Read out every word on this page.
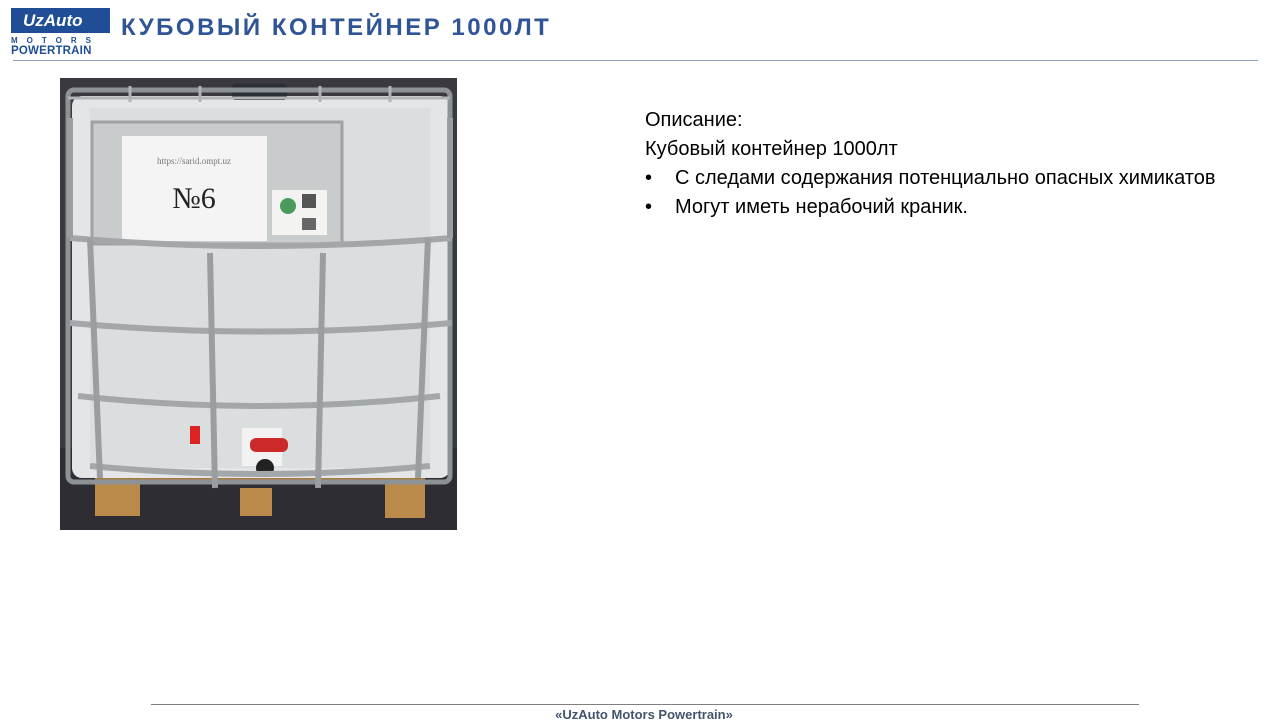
UzAuto
MOTORS
POWERTRAIN
КУБОВЫЙ КОНТЕЙНЕР 1000ЛТ
https://sarid.ompt.uz
№6
Описание:
Кубовый контейнер 1000лт
•	С следами содержания потенциально опасных химикатов
•	Могут иметь нерабочий краник.
«UzAuto Motors Powertrain»
